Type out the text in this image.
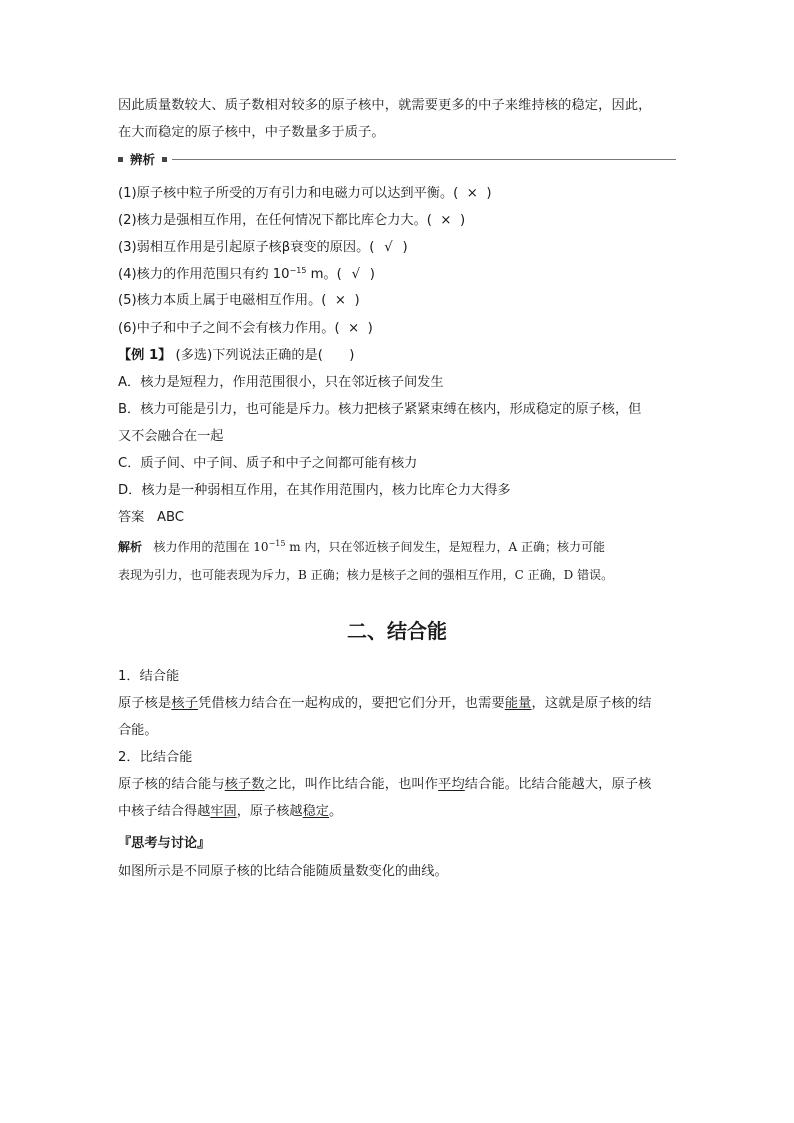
因此质量数较大、质子数相对较多的原子核中，就需要更多的中子来维持核的稳定，因此，
在大而稳定的原子核中，中子数量多于质子。
辨析
(1)原子核中粒子所受的万有引力和电磁力可以达到平衡。( × )
(2)核力是强相互作用，在任何情况下都比库仑力大。( × )
(3)弱相互作用是引起原子核β衰变的原因。( √ )
(4)核力的作用范围只有约 $10^{-15}$ m。( √ )
(5)核力本质上属于电磁相互作用。( × )
(6)中子和中子之间不会有核力作用。( × )
【例 1】 (多选)下列说法正确的是(　　)
A．核力是短程力，作用范围很小，只在邻近核子间发生
B．核力可能是引力，也可能是斥力。核力把核子紧紧束缚在核内，形成稳定的原子核，但
又不会融合在一起
C．质子间、中子间、质子和中子之间都可能有核力
D．核力是一种弱相互作用，在其作用范围内，核力比库仑力大得多
答案 ABC
解析 核力作用的范围在 $10^{-15}$ m 内，只在邻近核子间发生，是短程力，A 正确；核力可能
表现为引力，也可能表现为斥力，B 正确；核力是核子之间的强相互作用，C 正确，D 错误。
二、结合能
1．结合能
原子核是核子凭借核力结合在一起构成的，要把它们分开，也需要能量，这就是原子核的结
合能。
2．比结合能
原子核的结合能与核子数之比，叫作比结合能，也叫作平均结合能。比结合能越大，原子核
中核子结合得越牢固，原子核越稳定。
『思考与讨论』
如图所示是不同原子核的比结合能随质量数变化的曲线。
